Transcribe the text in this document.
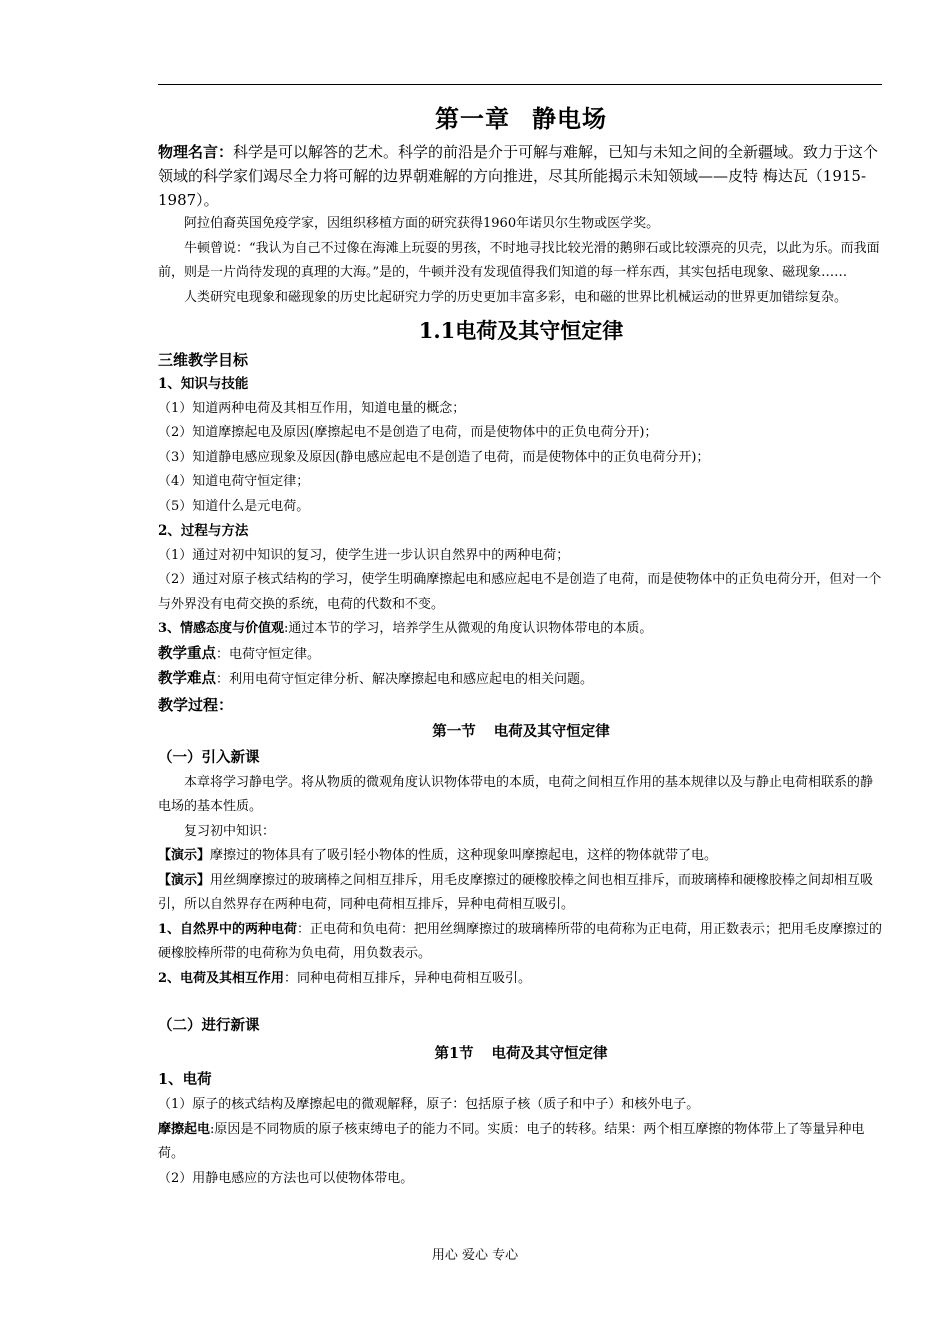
第一章 静电场

物理名言：科学是可以解答的艺术。科学的前沿是介于可解与难解，已知与未知之间的全新疆域。致力于这个领域的科学家们竭尽全力将可解的边界朝难解的方向推进，尽其所能揭示未知领域——皮特 梅达瓦（1915-1987）。

阿拉伯裔英国免疫学家，因组织移植方面的研究获得1960年诺贝尔生物或医学奖。

牛顿曾说：“我认为自己不过像在海滩上玩耍的男孩，不时地寻找比较光滑的鹅卵石或比较漂亮的贝壳，以此为乐。而我面前，则是一片尚待发现的真理的大海。”是的，牛顿并没有发现值得我们知道的每一样东西，其实包括电现象、磁现象……

人类研究电现象和磁现象的历史比起研究力学的历史更加丰富多彩，电和磁的世界比机械运动的世界更加错综复杂。

1.1电荷及其守恒定律

三维教学目标

1、知识与技能

（1）知道两种电荷及其相互作用，知道电量的概念；

（2）知道摩擦起电及原因(摩擦起电不是创造了电荷，而是使物体中的正负电荷分开)；

（3）知道静电感应现象及原因(静电感应起电不是创造了电荷，而是使物体中的正负电荷分开)；

（4）知道电荷守恒定律；

（5）知道什么是元电荷。

2、过程与方法

（1）通过对初中知识的复习，使学生进一步认识自然界中的两种电荷；

（2）通过对原子核式结构的学习，使学生明确摩擦起电和感应起电不是创造了电荷，而是使物体中的正负电荷分开，但对一个与外界没有电荷交换的系统，电荷的代数和不变。

3、情感态度与价值观:通过本节的学习，培养学生从微观的角度认识物体带电的本质。

教学重点：电荷守恒定律。

教学难点：利用电荷守恒定律分析、解决摩擦起电和感应起电的相关问题。

教学过程：

第一节 电荷及其守恒定律

（一）引入新课

本章将学习静电学。将从物质的微观角度认识物体带电的本质，电荷之间相互作用的基本规律以及与静止电荷相联系的静电场的基本性质。

复习初中知识：

【演示】摩擦过的物体具有了吸引轻小物体的性质，这种现象叫摩擦起电，这样的物体就带了电。

【演示】用丝绸摩擦过的玻璃棒之间相互排斥，用毛皮摩擦过的硬橡胶棒之间也相互排斥，而玻璃棒和硬橡胶棒之间却相互吸引，所以自然界存在两种电荷，同种电荷相互排斥，异种电荷相互吸引。

1、自然界中的两种电荷：正电荷和负电荷：把用丝绸摩擦过的玻璃棒所带的电荷称为正电荷，用正数表示；把用毛皮摩擦过的硬橡胶棒所带的电荷称为负电荷，用负数表示。

2、电荷及其相互作用：同种电荷相互排斥，异种电荷相互吸引。

（二）进行新课

第1节 电荷及其守恒定律

1、电荷

（1）原子的核式结构及摩擦起电的微观解释，原子：包括原子核（质子和中子）和核外电子。

摩擦起电:原因是不同物质的原子核束缚电子的能力不同。实质：电子的转移。结果：两个相互摩擦的物体带上了等量异种电荷。

（2）用静电感应的方法也可以使物体带电。

用心 爱心 专心
